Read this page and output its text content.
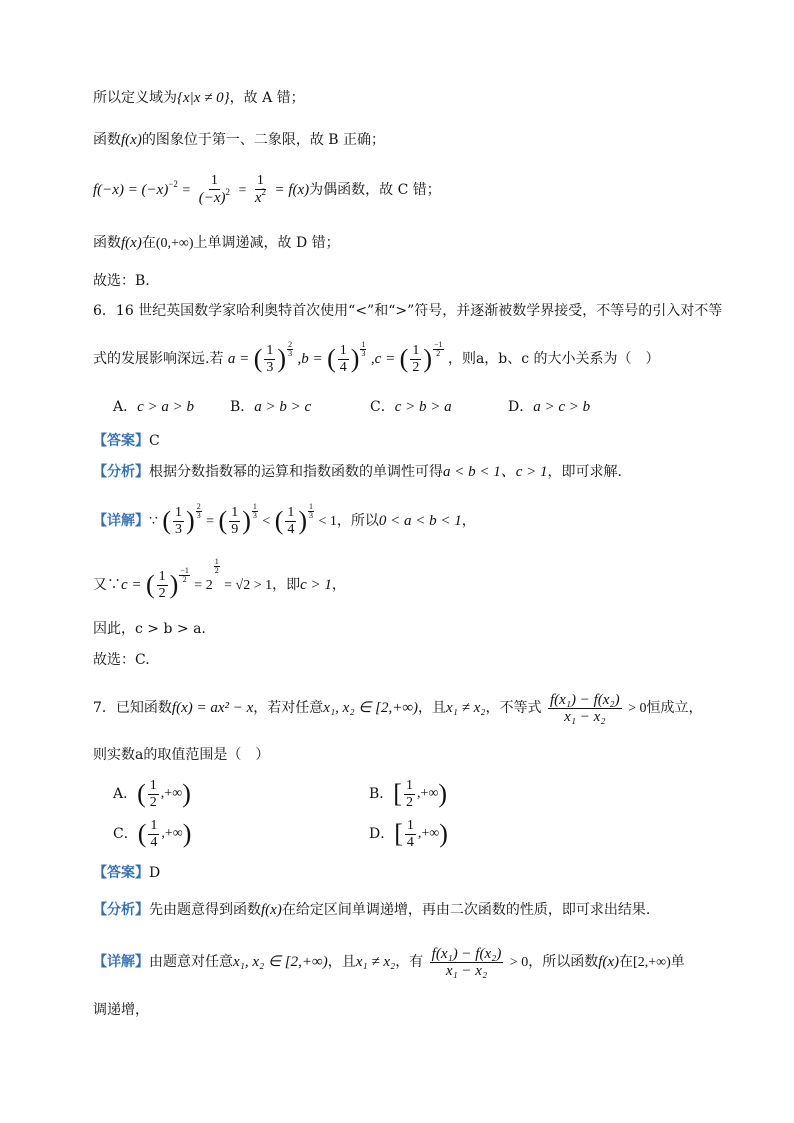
所以定义域为{x|x ≠ 0}，故 A 错；
函数f(x)的图象位于第一、二象限，故 B 正确；
$f(-x) = (-x)^{-2} = \frac{1}{(-x)^2} = \frac{1}{x^2} = f(x)$为偶函数，故 C 错；
函数f(x)在(0,+∞)上单调递减，故 D 错；
故选：B.
6．16 世纪英国数学家哈利奥特首次使用“<”和“>”符号，并逐渐被数学界接受，不等号的引入对不等
式的发展影响深远.若 a = ( $\frac{1}{3}$ ) $\frac{2}{3}$
,b = ( $\frac{1}{4}$ ) $\frac{1}{3}$
,c = ( $\frac{1}{2}$ ) −1
2 ，则a，b、c 的大小关系为（　）
A．c > a > b	B．a > b > c	C．c > b > a	D．a > c > b
【答案】C
【分析】根据分数指数幂的运算和指数函数的单调性可得a < b < 1、c > 1，即可求解.
【详解】∵ ( $\frac{1}{3}$ ) 2
3 = ( $\frac{1}{9}$ ) 1
3 < ( $\frac{1}{4}$ ) 1
3 < 1，所以0 < a < b < 1，
又∵c = ( $\frac{1}{2}$ ) −1
2 = 2
$\frac{1}{2}$
= √2 > 1，即c > 1，
因此，c > b > a.
故选：C.
7．已知函数f(x) = ax² − x，若对任意x₁, x₂ ∈ [2,+∞)，且x₁ ≠ x₂，不等式 $\frac{\text{f(x₁) − f(x₂)}}{\text{x₁ − x₂}} > 0$恒成立，
则实数a的取值范围是（　）
A． ( $\frac{1}{2}$ ,+∞ )	B． [ $\frac{1}{2}$ ,+∞ )
C． ( $\frac{1}{4}$ ,+∞ )	D． [ $\frac{1}{4}$ ,+∞ )
【答案】D
【分析】先由题意得到函数f(x)在给定区间单调递增，再由二次函数的性质，即可求出结果.
【详解】由题意对任意x₁, x₂ ∈ [2,+∞)，且x₁ ≠ x₂，有 $\frac{\text{f(x₁) − f(x₂)}}{\text{x₁ − x₂}} > 0$，所以函数f(x)在[2,+∞)单
调递增，
